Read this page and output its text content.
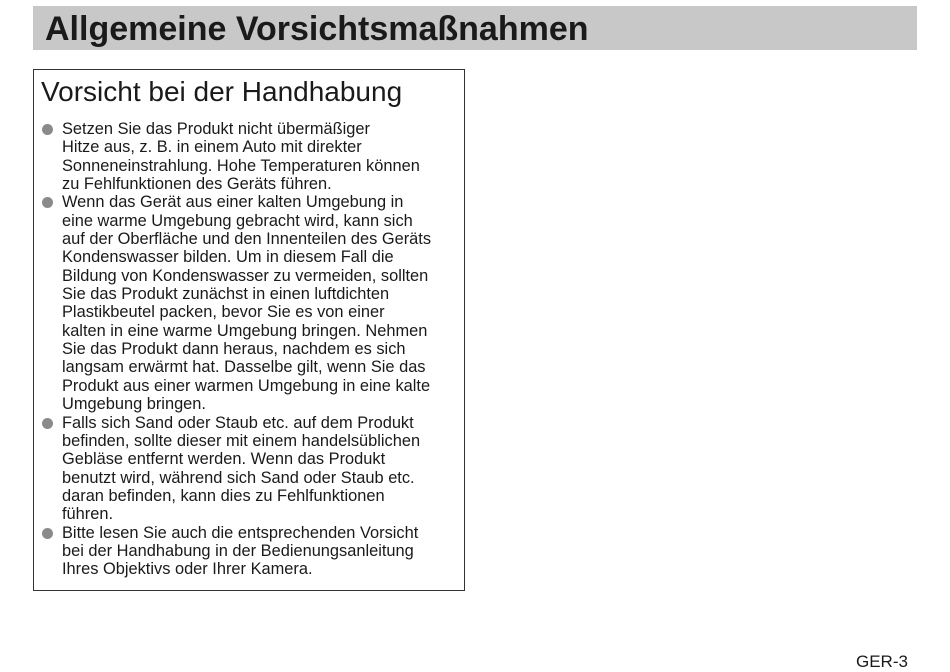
Allgemeine Vorsichtsmaßnahmen
Vorsicht bei der Handhabung
Setzen Sie das Produkt nicht übermäßiger
Hitze aus, z. B. in einem Auto mit direkter
Sonneneinstrahlung. Hohe Temperaturen können
zu Fehlfunktionen des Geräts führen.
Wenn das Gerät aus einer kalten Umgebung in
eine warme Umgebung gebracht wird, kann sich
auf der Oberfläche und den Innenteilen des Geräts
Kondenswasser bilden. Um in diesem Fall die
Bildung von Kondenswasser zu vermeiden, sollten
Sie das Produkt zunächst in einen luftdichten
Plastikbeutel packen, bevor Sie es von einer
kalten in eine warme Umgebung bringen. Nehmen
Sie das Produkt dann heraus, nachdem es sich
langsam erwärmt hat. Dasselbe gilt, wenn Sie das
Produkt aus einer warmen Umgebung in eine kalte
Umgebung bringen.
Falls sich Sand oder Staub etc. auf dem Produkt
befinden, sollte dieser mit einem handelsüblichen
Gebläse entfernt werden. Wenn das Produkt
benutzt wird, während sich Sand oder Staub etc.
daran befinden, kann dies zu Fehlfunktionen
führen.
Bitte lesen Sie auch die entsprechenden Vorsicht
bei der Handhabung in der Bedienungsanleitung
Ihres Objektivs oder Ihrer Kamera.
GER-3
